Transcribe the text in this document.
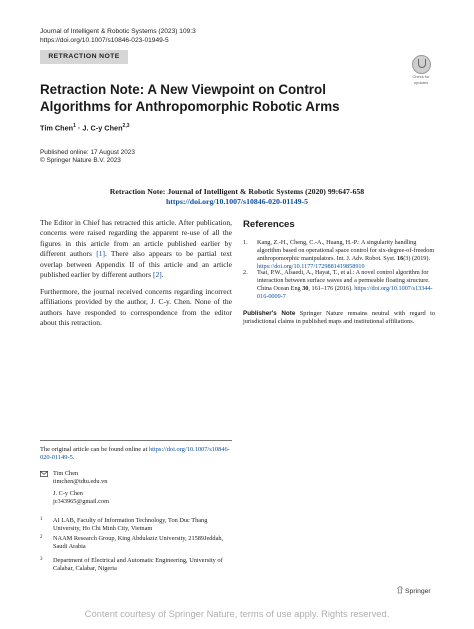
Journal of Intelligent & Robotic Systems (2023) 109:3
https://doi.org/10.1007/s10846-023-01949-5
RETRACTION NOTE
Check for
updates
Retraction Note: A New Viewpoint on Control Algorithms for Anthropomorphic Robotic Arms
Tim Chen$^1$ · J. C-y Chen$^{2,3}$
Published online: 17 August 2023
© Springer Nature B.V. 2023
Retraction Note: Journal of Intelligent & Robotic Systems (2020) 99:647-658
https://doi.org/10.1007/s10846-020-01149-5
The Editor in Chief has retracted this article. After publication, concerns were raised regarding the apparent re-use of all the figures in this article from an article published earlier by different authors [1]. There also appears to be partial text overlap between Appendix II of this article and an article published earlier by different authors [2].
Furthermore, the journal received concerns regarding incorrect affiliations provided by the author, J. C-y. Chen. None of the authors have responded to correspondence from the editor about this retraction.
References
1. Kang, Z.-H., Cheng, C.-A., Huang, H.-P.: A singularity handling algorithm based on operational space control for six-degree-of-freedom anthropomorphic manipulators. Int. J. Adv. Robot. Syst. 16(3) (2019). https://doi.org/10.1177/1729881419858910
2. Tsai, P.W., Alsaedi, A., Hayat, T., et al.: A novel control algorithm for interaction between surface waves and a permeable floating structure. China Ocean Eng 30, 161–176 (2016). https://doi.org/10.1007/s13344-016-0009-7
Publisher's Note Springer Nature remains neutral with regard to jurisdictional claims in published maps and institutional affiliations.
The original article can be found online at https://doi.org/10.1007/s10846-020-01149-5.
Tim Chen
timchen@tdtu.edu.vn
J. C-y Chen
jc343965@gmail.com
1 AI LAB, Faculty of Information Technology, Ton Duc Thang University, Ho Chi Minh City, Vietnam
2 NAAM Research Group, King Abdulaziz University, 21589Jeddah, Saudi Arabia
3 Department of Electrical and Automatic Engineering, University of Calabar, Calabar, Nigeria
Springer
Content courtesy of Springer Nature, terms of use apply. Rights reserved.
